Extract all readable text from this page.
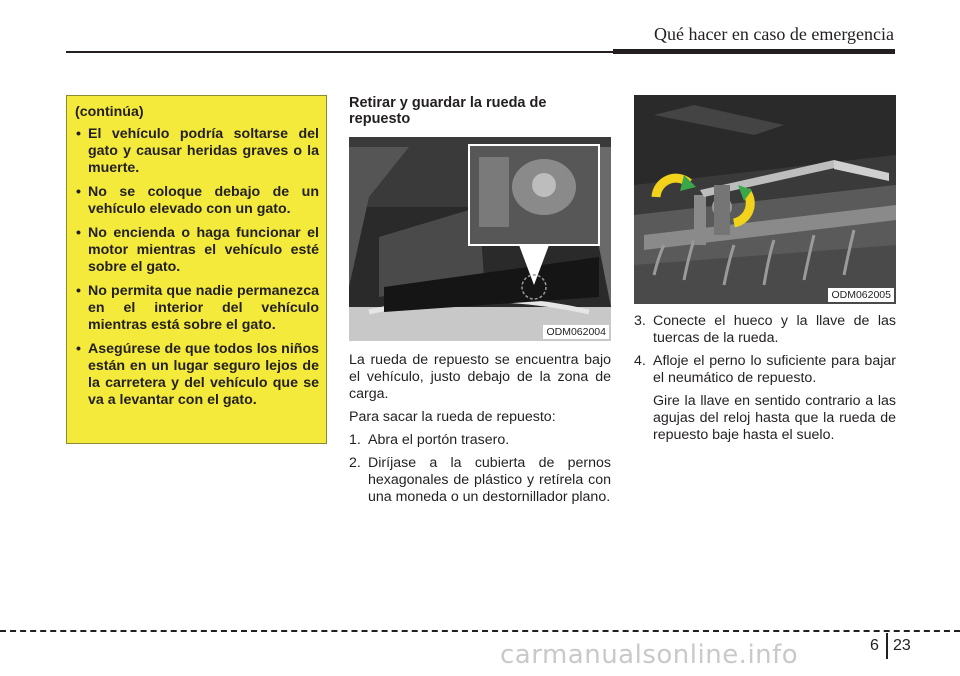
Qué hacer en caso de emergencia
(continúa)
• El vehículo podría soltarse del gato y causar heridas graves o la muerte.
• No se coloque debajo de un vehículo elevado con un gato.
• No encienda o haga funcionar el motor mientras el vehículo esté sobre el gato.
• No permita que nadie permanezca en el interior del vehículo mientras está sobre el gato.
• Asegúrese de que todos los niños están en un lugar seguro lejos de la carretera y del vehículo que se va a levantar con el gato.
Retirar y guardar la rueda de repuesto
ODM062004

La rueda de repuesto se encuentra bajo el vehículo, justo debajo de la zona de carga.

Para sacar la rueda de repuesto:

1. Abra el portón trasero.
2. Diríjase a la cubierta de pernos hexagonales de plástico y retírela con una moneda o un destornillador plano.
ODM062005
3. Conecte el hueco y la llave de las tuercas de la rueda.
4. Afloje el perno lo suficiente para bajar el neumático de repuesto.

Gire la llave en sentido contrario a las agujas del reloj hasta que la rueda de repuesto baje hasta el suelo.

carmanualsonline.info	6 23
